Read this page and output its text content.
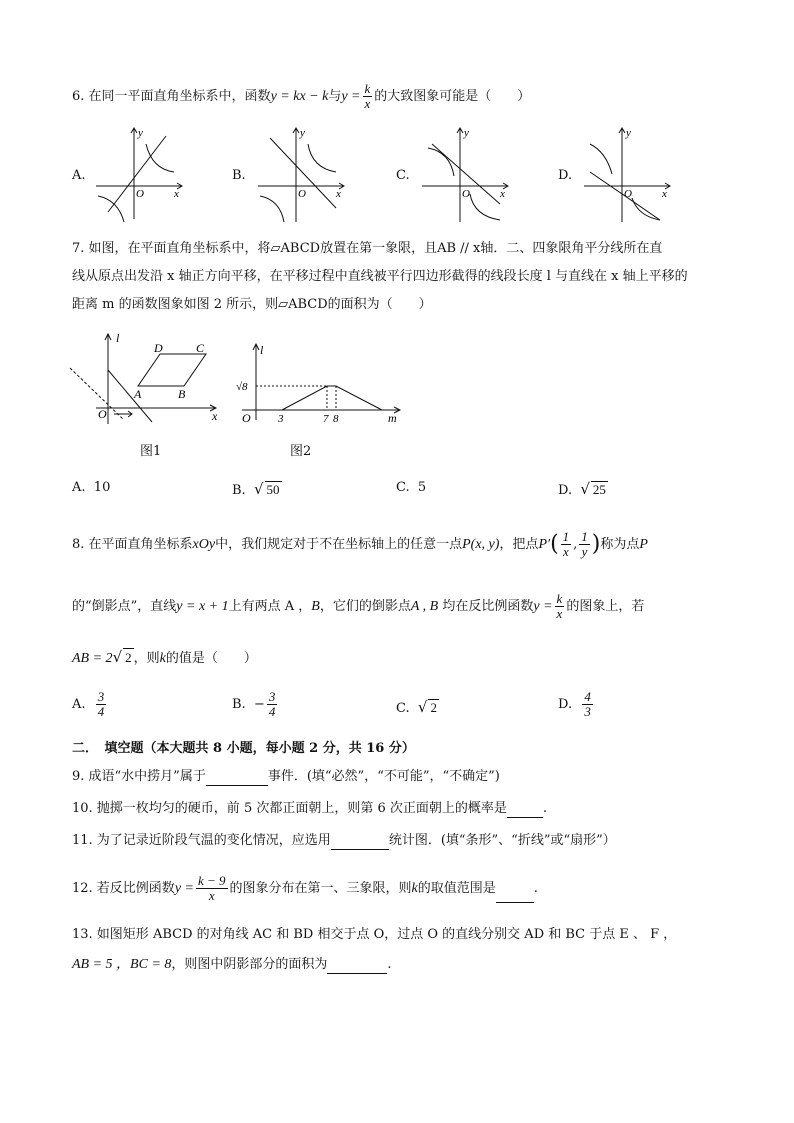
6. 在同一平面直角坐标系中，函数y = kx − k与$y = \frac{k}{x}$ 的大致图象可能是（　　）
A.	B.	C.	D.
y
x
O
y
x
O
y
x
O
y
x
O
7. 如图，在平面直角坐标系中，将▱ABCD放置在第一象限，且AB // x轴．二、四象限角平分线所在直
线从原点出发沿 x 轴正方向平移，在平移过程中直线被平行四边形截得的线段长度 l 与直线在 x 轴上平移的
距离 m 的函数图象如图 2 所示，则▱ABCD的面积为（　　）
l
D	C
A	B
O	x
图1
l
√8
O 3	7 8	m
图2
A. 10	B. √ 50	C. 5	D. √ 25
8. 在平面直角坐标系xOy中，我们规定对于不在坐标轴上的任意一点P(x, y)，把点$P'( \frac{1}{x}$ , $\frac{1}{y}$ )称为点P
的“倒影点”，直线y = x + 1上有两点 A ，B，它们的倒影点A , B 均在反比例函数$y = \frac{k}{x}$ 的图象上，若
AB = 2√ 2 ，则k的值是（　　）
A. $\frac{3}{4}$	B. − $\frac{3}{4}$	C. √ 2	D. $\frac{4}{3}$
二．　填空题（本大题共 8 小题，每小题 2 分，共 16 分）
9. 成语“水中捞月”属于	事件．(填“必然”，“不可能”，“不确定”)
10. 抛掷一枚均匀的硬币，前 5 次都正面朝上，则第 6 次正面朝上的概率是	.
11. 为了记录近阶段气温的变化情况，应选用	统计图．(填“条形”、“折线”或“扇形”）
12. 若反比例函数$y = \frac{k - 9}{x}$ 的图象分布在第一、三象限，则k的取值范围是	.
13. 如图矩形 ABCD 的对角线 AC 和 BD 相交于点 O，过点 O 的直线分别交 AD 和 BC 于点 E 、 F ，
AB = 5 ，BC = 8，则图中阴影部分的面积为	.
